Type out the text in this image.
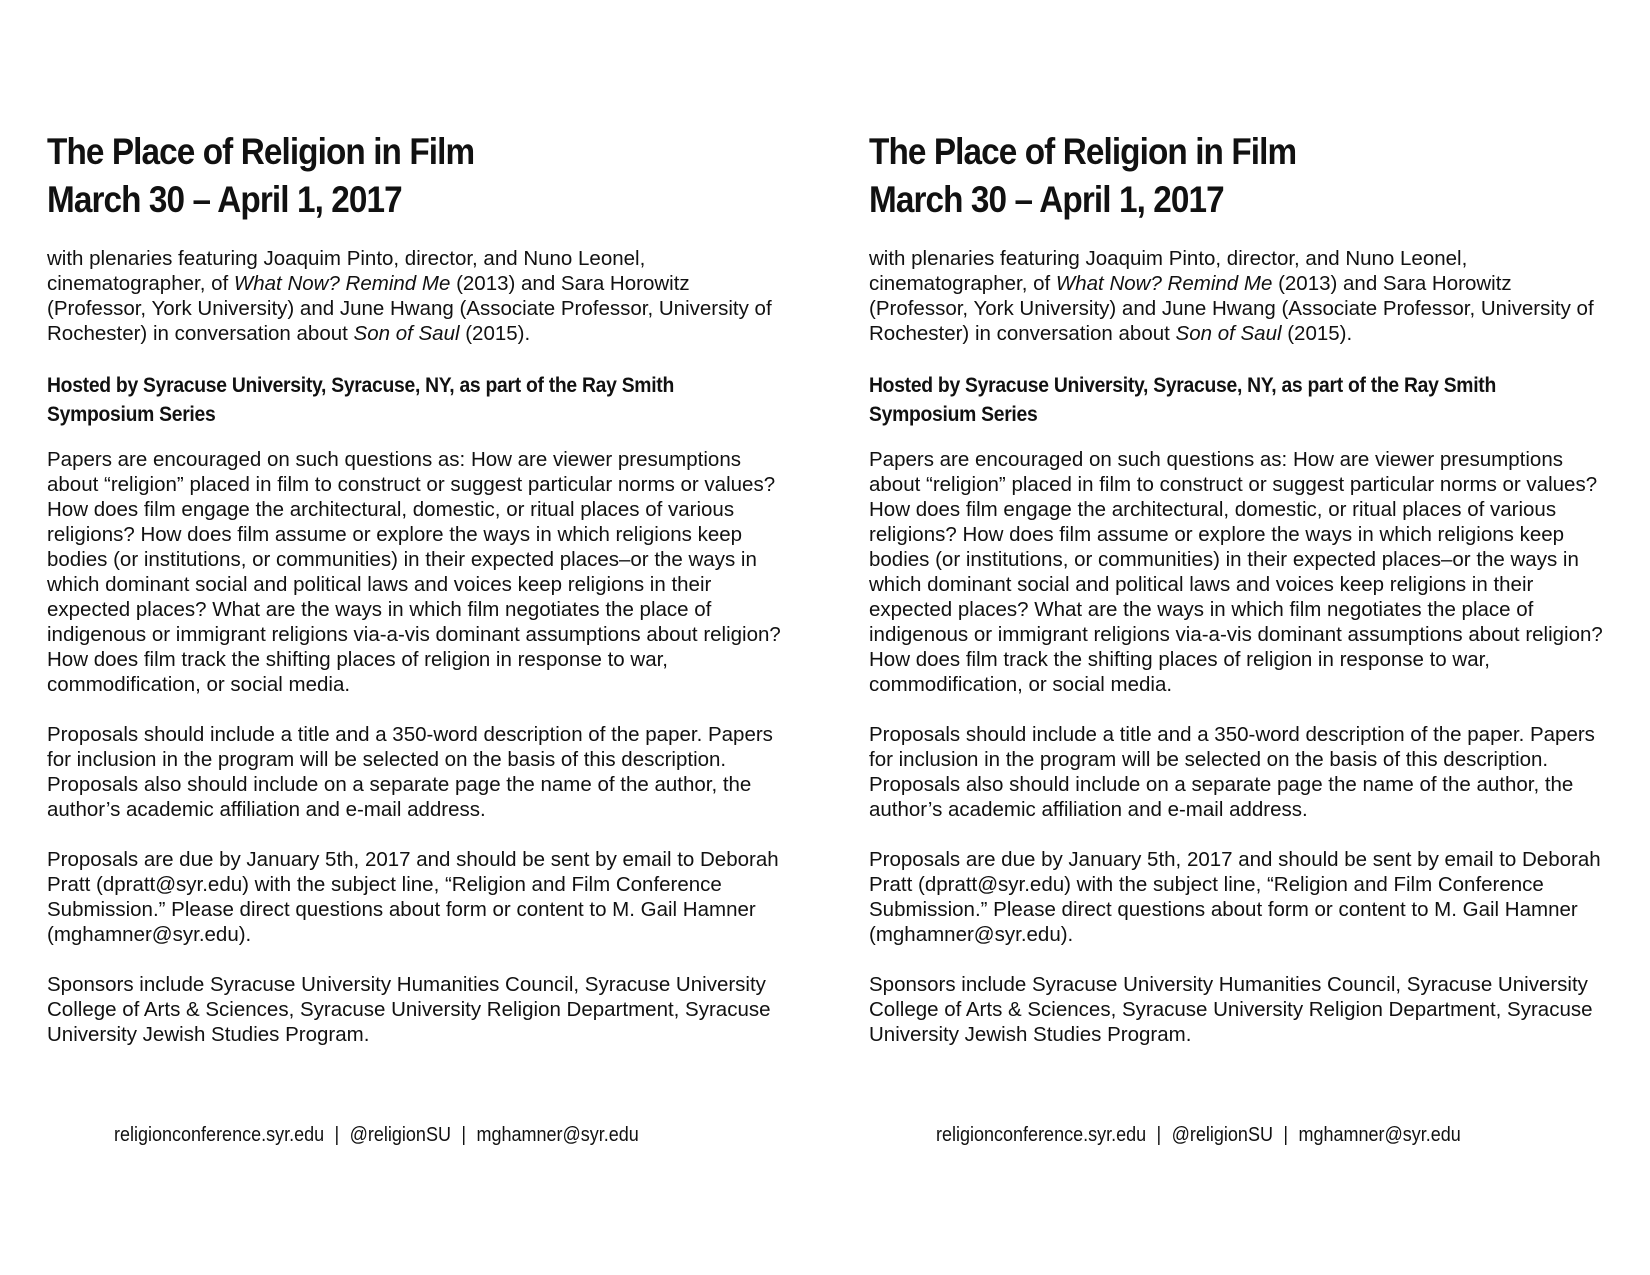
The Place of Religion in Film
March 30 – April 1, 2017

with plenaries featuring Joaquim Pinto, director, and Nuno Leonel, cinematographer, of What Now? Remind Me (2013) and Sara Horowitz (Professor, York University) and June Hwang (Associate Professor, University of Rochester) in conversation about Son of Saul (2015).

Hosted by Syracuse University, Syracuse, NY, as part of the Ray Smith Symposium Series

Papers are encouraged on such questions as: How are viewer presumptions about “religion” placed in film to construct or suggest particular norms or values? How does film engage the architectural, domestic, or ritual places of various religions? How does film assume or explore the ways in which religions keep bodies (or institutions, or communities) in their expected places–or the ways in which dominant social and political laws and voices keep religions in their expected places? What are the ways in which film negotiates the place of indigenous or immigrant religions via-a-vis dominant assumptions about religion? How does film track the shifting places of religion in response to war, commodification, or social media.

Proposals should include a title and a 350-word description of the paper. Papers for inclusion in the program will be selected on the basis of this description. Proposals also should include on a separate page the name of the author, the author’s academic affiliation and e-mail address.

Proposals are due by January 5th, 2017 and should be sent by email to Deborah Pratt (dpratt@syr.edu) with the subject line, “Religion and Film Conference Submission.” Please direct questions about form or content to M. Gail Hamner (mghamner@syr.edu).

Sponsors include Syracuse University Humanities Council, Syracuse University College of Arts & Sciences, Syracuse University Religion Department, Syracuse University Jewish Studies Program.

religionconference.syr.edu | @religionSU | mghamner@syr.edu
The Place of Religion in Film
March 30 – April 1, 2017

with plenaries featuring Joaquim Pinto, director, and Nuno Leonel, cinematographer, of What Now? Remind Me (2013) and Sara Horowitz (Professor, York University) and June Hwang (Associate Professor, University of Rochester) in conversation about Son of Saul (2015).

Hosted by Syracuse University, Syracuse, NY, as part of the Ray Smith Symposium Series

Papers are encouraged on such questions as: How are viewer presumptions about “religion” placed in film to construct or suggest particular norms or values? How does film engage the architectural, domestic, or ritual places of various religions? How does film assume or explore the ways in which religions keep bodies (or institutions, or communities) in their expected places–or the ways in which dominant social and political laws and voices keep religions in their expected places? What are the ways in which film negotiates the place of indigenous or immigrant religions via-a-vis dominant assumptions about religion? How does film track the shifting places of religion in response to war, commodification, or social media.

Proposals should include a title and a 350-word description of the paper. Papers for inclusion in the program will be selected on the basis of this description. Proposals also should include on a separate page the name of the author, the author’s academic affiliation and e-mail address.

Proposals are due by January 5th, 2017 and should be sent by email to Deborah Pratt (dpratt@syr.edu) with the subject line, “Religion and Film Conference Submission.” Please direct questions about form or content to M. Gail Hamner (mghamner@syr.edu).

Sponsors include Syracuse University Humanities Council, Syracuse University College of Arts & Sciences, Syracuse University Religion Department, Syracuse University Jewish Studies Program.

religionconference.syr.edu | @religionSU | mghamner@syr.edu
